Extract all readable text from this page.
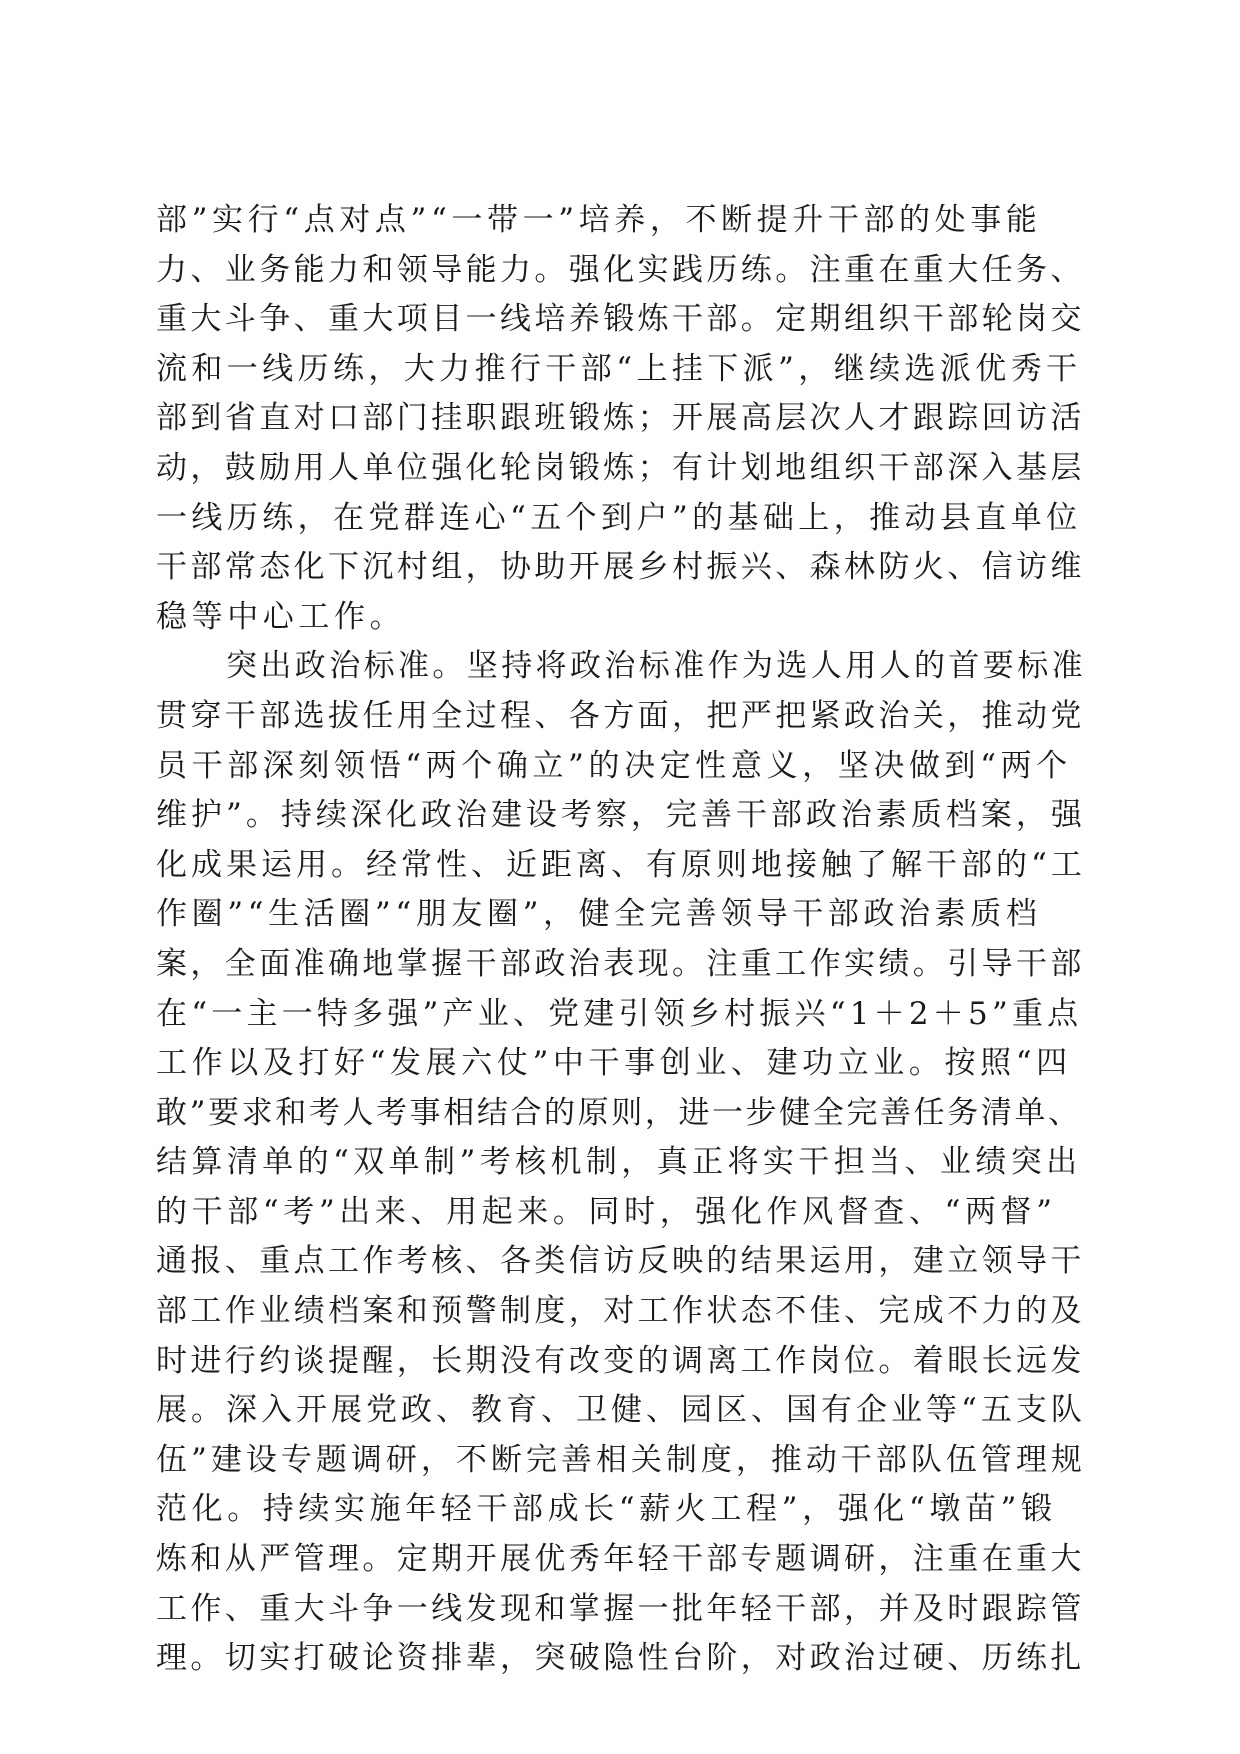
部”实行“点对点”“一带一”培养，不断提升干部的处事能
力、业务能力和领导能力。强化实践历练。注重在重大任务、
重大斗争、重大项目一线培养锻炼干部。定期组织干部轮岗交
流和一线历练，大力推行干部“上挂下派”，继续选派优秀干
部到省直对口部门挂职跟班锻炼；开展高层次人才跟踪回访活
动，鼓励用人单位强化轮岗锻炼；有计划地组织干部深入基层
一线历练，在党群连心“五个到户”的基础上，推动县直单位
干部常态化下沉村组，协助开展乡村振兴、森林防火、信访维
稳等中心工作。
突出政治标准。坚持将政治标准作为选人用人的首要标准
贯穿干部选拔任用全过程、各方面，把严把紧政治关，推动党
员干部深刻领悟“两个确立”的决定性意义，坚决做到“两个
维护”。持续深化政治建设考察，完善干部政治素质档案，强
化成果运用。经常性、近距离、有原则地接触了解干部的“工
作圈”“生活圈”“朋友圈”，健全完善领导干部政治素质档
案，全面准确地掌握干部政治表现。注重工作实绩。引导干部
在“一主一特多强”产业、党建引领乡村振兴“1＋2＋5”重点
工作以及打好“发展六仗”中干事创业、建功立业。按照“四
敢”要求和考人考事相结合的原则，进一步健全完善任务清单、
结算清单的“双单制”考核机制，真正将实干担当、业绩突出
的干部“考”出来、用起来。同时，强化作风督查、“两督”
通报、重点工作考核、各类信访反映的结果运用，建立领导干
部工作业绩档案和预警制度，对工作状态不佳、完成不力的及
时进行约谈提醒，长期没有改变的调离工作岗位。着眼长远发
展。深入开展党政、教育、卫健、园区、国有企业等“五支队
伍”建设专题调研，不断完善相关制度，推动干部队伍管理规
范化。持续实施年轻干部成长“薪火工程”，强化“墩苗”锻
炼和从严管理。定期开展优秀年轻干部专题调研，注重在重大
工作、重大斗争一线发现和掌握一批年轻干部，并及时跟踪管
理。切实打破论资排辈，突破隐性台阶，对政治过硬、历练扎
